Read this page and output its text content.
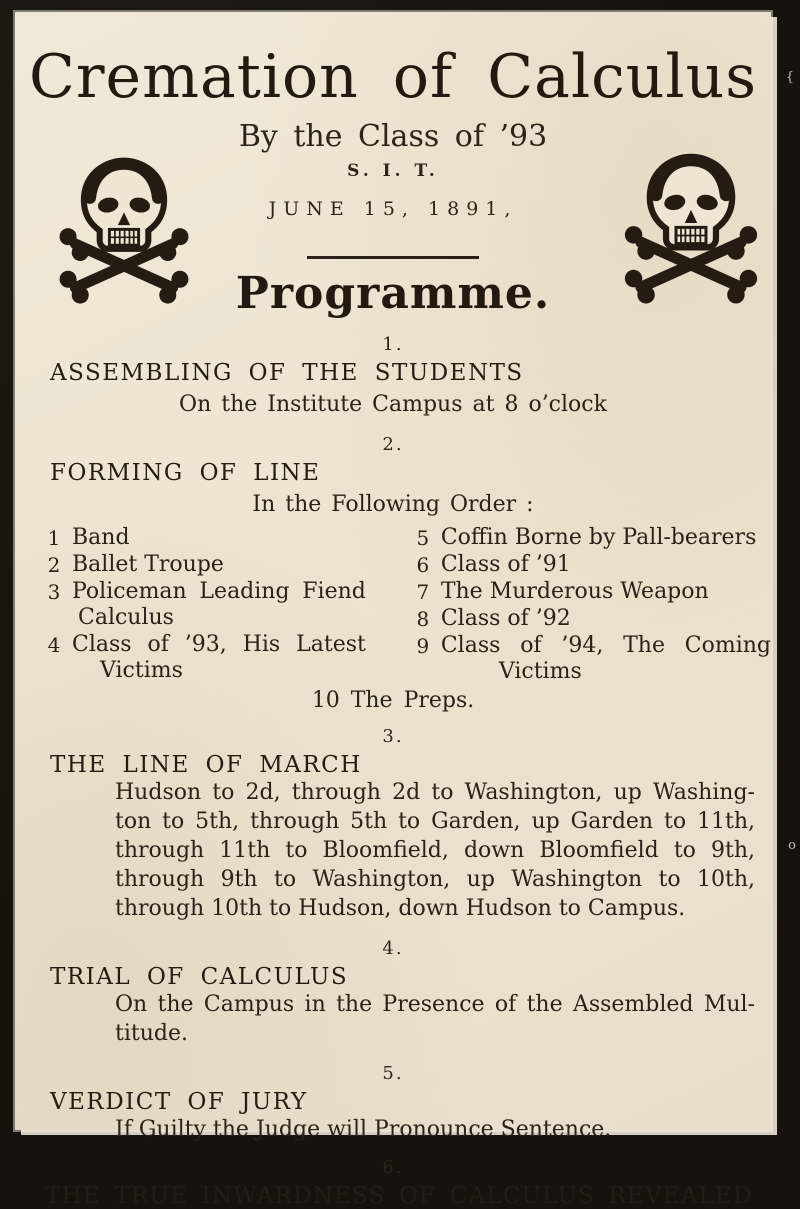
{
o
Cremation of Calculus
By the Class of ’93
S. I. T.
JUNE 15, 1891,
Programme.
1.
ASSEMBLING OF THE STUDENTS
On the Institute Campus at 8 o’clock
2.
FORMING OF LINE
In the Following Order :
1 Band
2 Ballet Troupe
3 Policeman Leading Fiend
Calculus
4 Class of ’93, His Latest
Victims
5 Coffin Borne by Pall-bearers
6 Class of ’91
7 The Murderous Weapon
8 Class of ’92
9 Class of ’94, The Coming
Victims
10 The Preps.
3.
THE LINE OF MARCH
Hudson to 2d, through 2d to Washington, up Washing-
ton to 5th, through 5th to Garden, up Garden to 11th,
through 11th to Bloomfield, down Bloomfield to 9th,
through 9th to Washington, up Washington to 10th,
through 10th to Hudson, down Hudson to Campus.
4.
TRIAL OF CALCULUS
On the Campus in the Presence of the Assembled Mul-
titude.
5.
VERDICT OF JURY
If Guilty the Judge will Pronounce Sentence.
6.
THE TRUE INWARDNESS OF CALCULUS REVEALED
